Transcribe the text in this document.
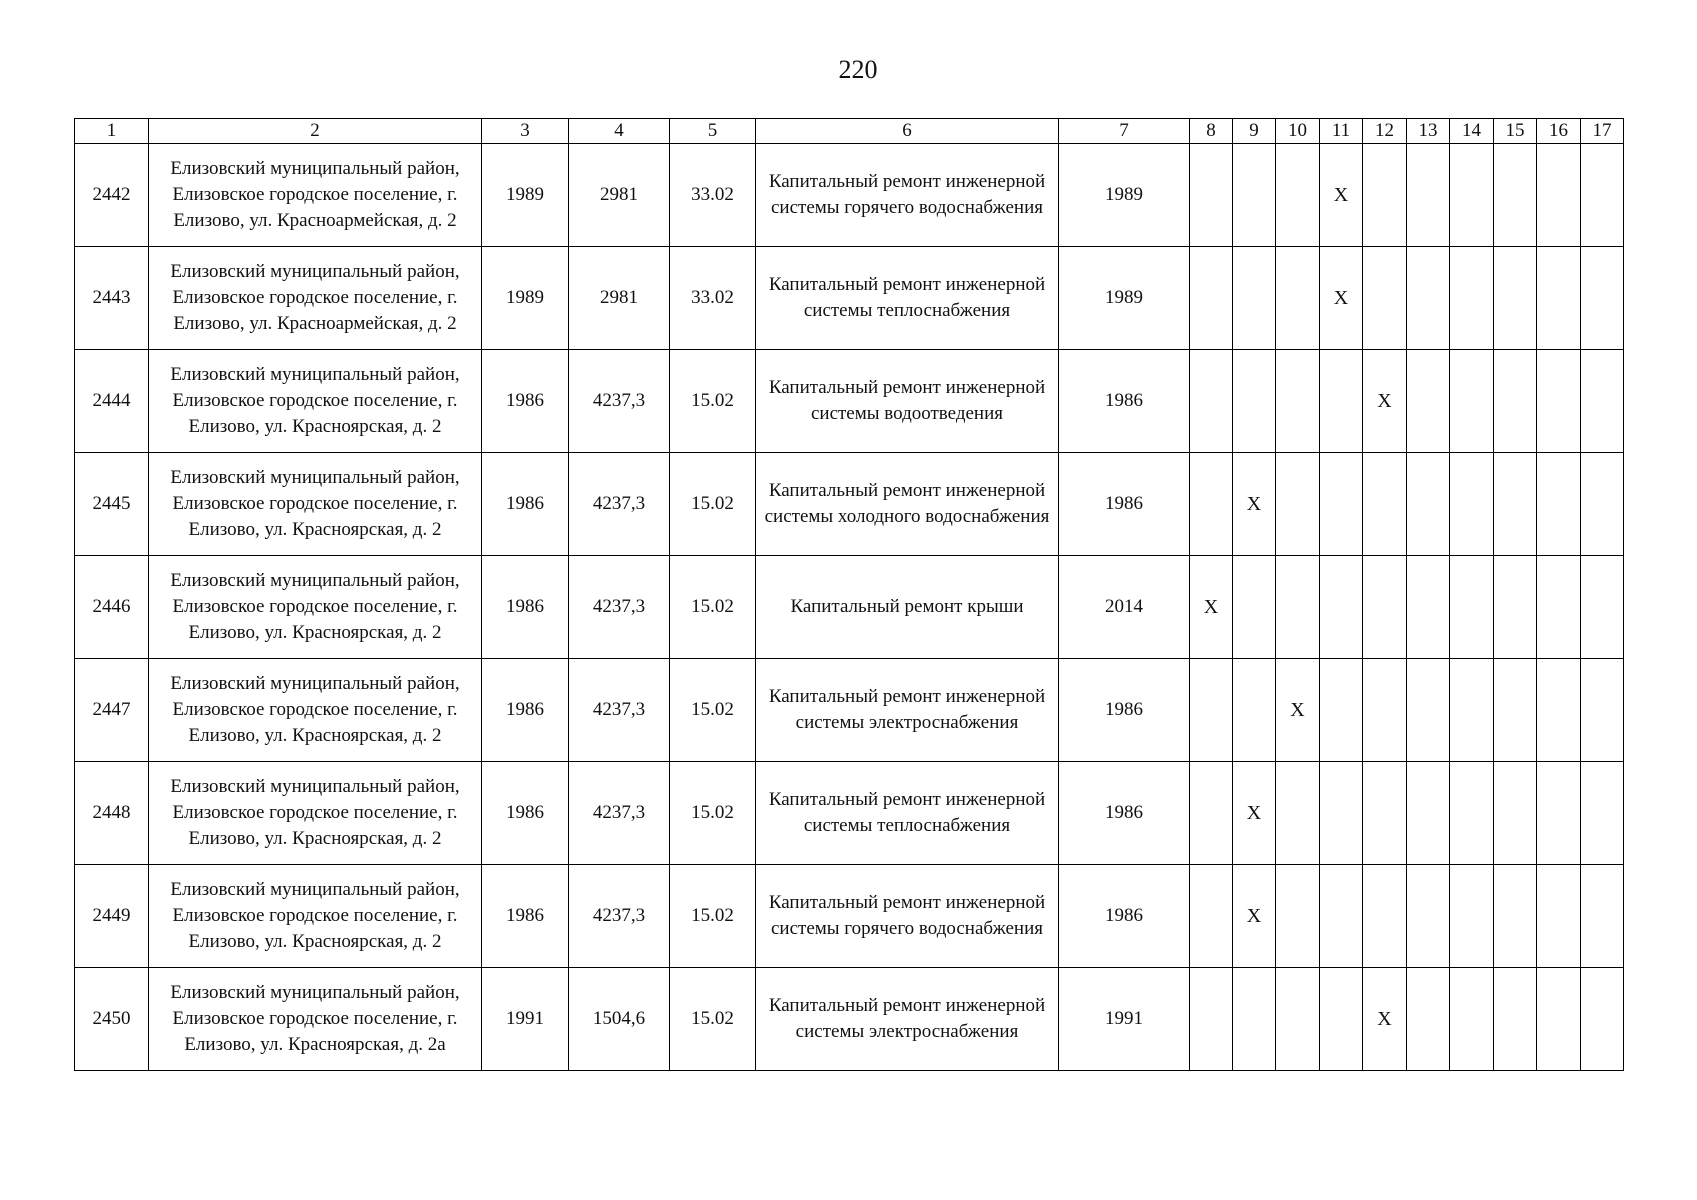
220
1	2	3	4	5	6	7	8	9	10	11	12	13	14	15	16	17
2442	Елизовский муниципальный район, Елизовское городское поселение, г. Елизово, ул. Красноармейская, д. 2	1989	2981	33.02	Капитальный ремонт инженерной системы горячего водоснабжения	1989				X						
2443	Елизовский муниципальный район, Елизовское городское поселение, г. Елизово, ул. Красноармейская, д. 2	1989	2981	33.02	Капитальный ремонт инженерной системы теплоснабжения	1989				X						
2444	Елизовский муниципальный район, Елизовское городское поселение, г. Елизово, ул. Красноярская, д. 2	1986	4237,3	15.02	Капитальный ремонт инженерной системы водоотведения	1986					X					
2445	Елизовский муниципальный район, Елизовское городское поселение, г. Елизово, ул. Красноярская, д. 2	1986	4237,3	15.02	Капитальный ремонт инженерной системы холодного водоснабжения	1986		X								
2446	Елизовский муниципальный район, Елизовское городское поселение, г. Елизово, ул. Красноярская, д. 2	1986	4237,3	15.02	Капитальный ремонт крыши	2014	X									
2447	Елизовский муниципальный район, Елизовское городское поселение, г. Елизово, ул. Красноярская, д. 2	1986	4237,3	15.02	Капитальный ремонт инженерной системы электроснабжения	1986			X							
2448	Елизовский муниципальный район, Елизовское городское поселение, г. Елизово, ул. Красноярская, д. 2	1986	4237,3	15.02	Капитальный ремонт инженерной системы теплоснабжения	1986		X								
2449	Елизовский муниципальный район, Елизовское городское поселение, г. Елизово, ул. Красноярская, д. 2	1986	4237,3	15.02	Капитальный ремонт инженерной системы горячего водоснабжения	1986		X								
2450	Елизовский муниципальный район, Елизовское городское поселение, г. Елизово, ул. Красноярская, д. 2а	1991	1504,6	15.02	Капитальный ремонт инженерной системы электроснабжения	1991					X					
